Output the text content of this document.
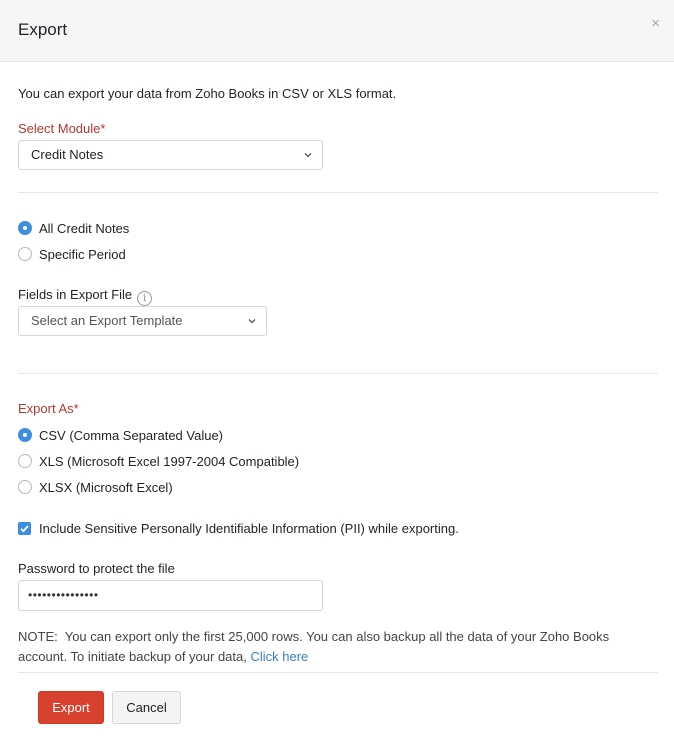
Export	×
You can export your data from Zoho Books in CSV or XLS format.
Select Module*
Credit Notes
All Credit Notes
Specific Period
Fields in Export File i
Select an Export Template
Export As*
CSV (Comma Separated Value)
XLS (Microsoft Excel 1997-2004 Compatible)
XLSX (Microsoft Excel)
Include Sensitive Personally Identifiable Information (PII) while exporting.
Password to protect the file
•••••••••••••••
NOTE:  You can export only the first 25,000 rows. You can also backup all the data of your Zoho Books account. To initiate backup of your data, Click here
Export	Cancel
